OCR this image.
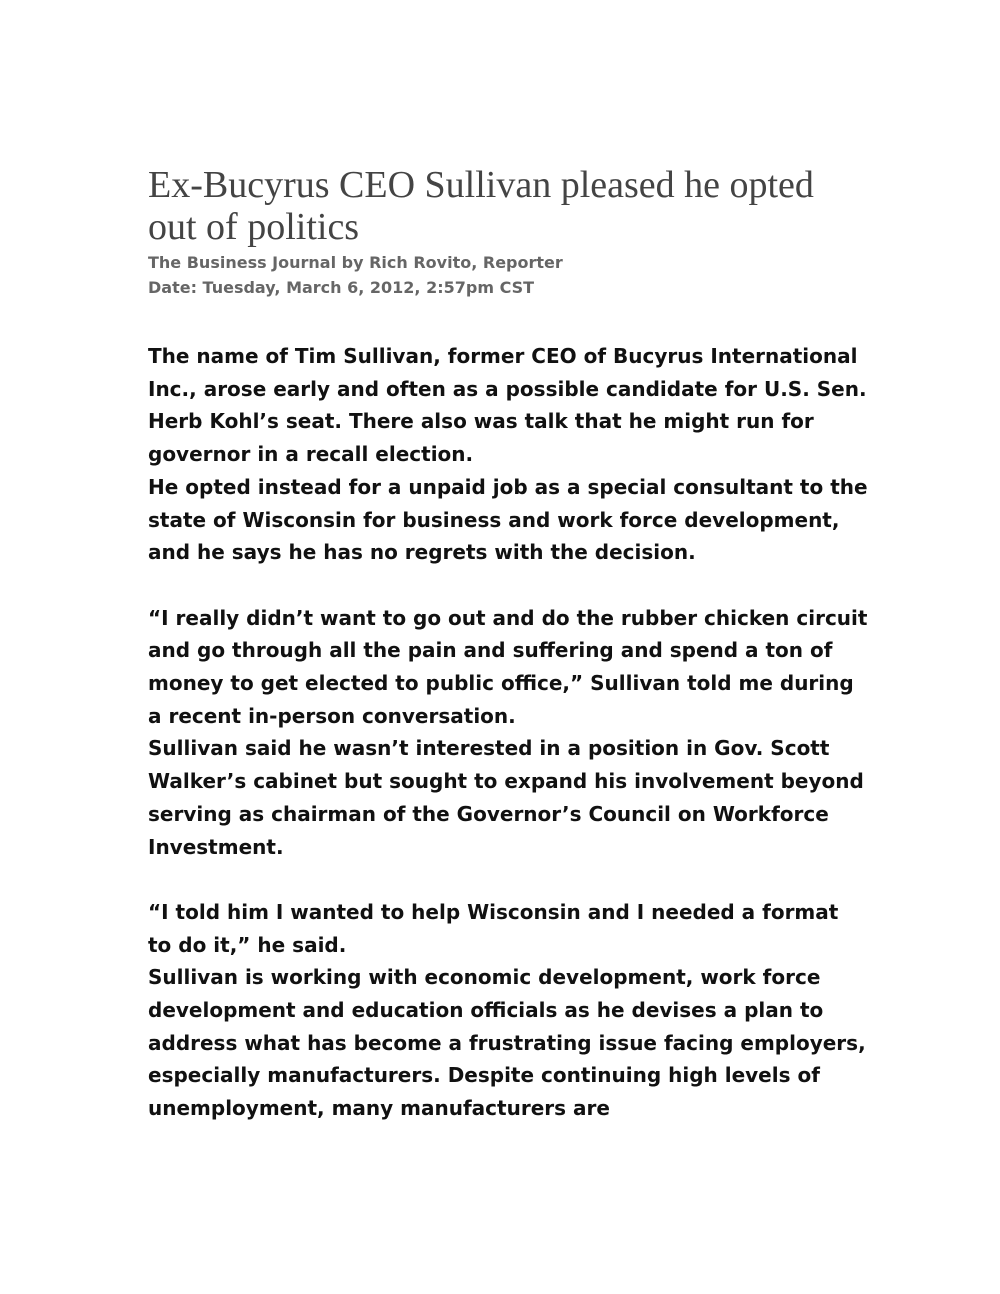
Ex-Bucyrus CEO Sullivan pleased he opted out of politics
The Business Journal by Rich Rovito, Reporter
Date: Tuesday, March 6, 2012, 2:57pm CST

The name of Tim Sullivan, former CEO of Bucyrus International Inc., arose early and often as a possible candidate for U.S. Sen. Herb Kohl’s seat. There also was talk that he might run for governor in a recall election.

He opted instead for a unpaid job as a special consultant to the state of Wisconsin for business and work force development, and he says he has no regrets with the decision.

“I really didn’t want to go out and do the rubber chicken circuit and go through all the pain and suffering and spend a ton of money to get elected to public office,” Sullivan told me during a recent in-person conversation.

Sullivan said he wasn’t interested in a position in Gov. Scott Walker’s cabinet but sought to expand his involvement beyond serving as chairman of the Governor’s Council on Workforce Investment.

“I told him I wanted to help Wisconsin and I needed a format to do it,” he said.

Sullivan is working with economic development, work force development and education officials as he devises a plan to address what has become a frustrating issue facing employers, especially manufacturers. Despite continuing high levels of unemployment, many manufacturers are
